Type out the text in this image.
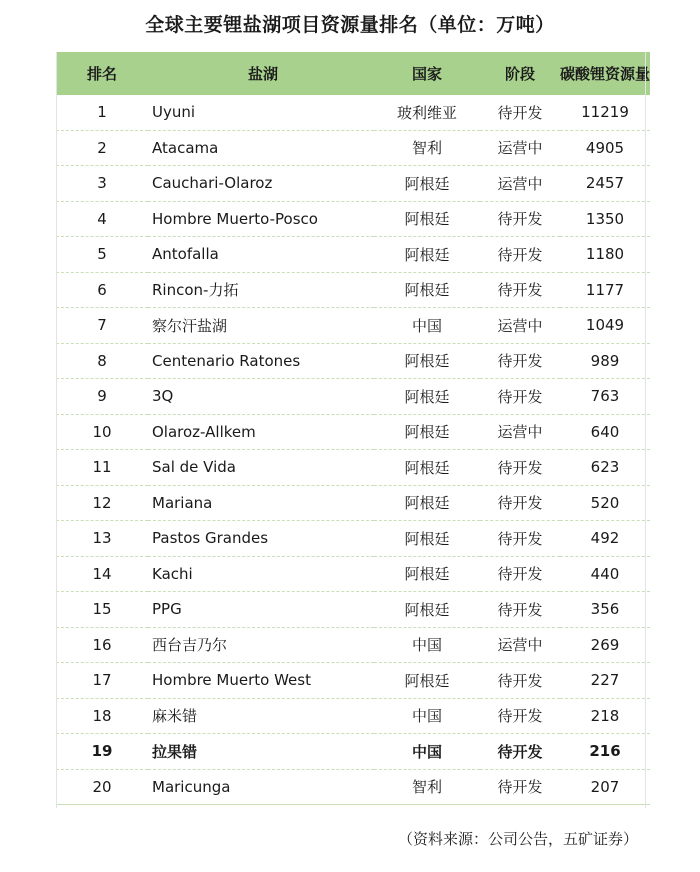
全球主要锂盐湖项目资源量排名（单位：万吨）
排名	盐湖	国家	阶段	碳酸锂资源量
1	Uyuni	玻利维亚	待开发	11219
2	Atacama	智利	运营中	4905
3	Cauchari-Olaroz	阿根廷	运营中	2457
4	Hombre Muerto-Posco	阿根廷	待开发	1350
5	Antofalla	阿根廷	待开发	1180
6	Rincon-力拓	阿根廷	待开发	1177
7	察尔汗盐湖	中国	运营中	1049
8	Centenario Ratones	阿根廷	待开发	989
9	3Q	阿根廷	待开发	763
10	Olaroz-Allkem	阿根廷	运营中	640
11	Sal de Vida	阿根廷	待开发	623
12	Mariana	阿根廷	待开发	520
13	Pastos Grandes	阿根廷	待开发	492
14	Kachi	阿根廷	待开发	440
15	PPG	阿根廷	待开发	356
16	西台吉乃尔	中国	运营中	269
17	Hombre Muerto West	阿根廷	待开发	227
18	麻米错	中国	待开发	218
19	拉果错	中国	待开发	216
20	Maricunga	智利	待开发	207
（资料来源：公司公告，五矿证券）
